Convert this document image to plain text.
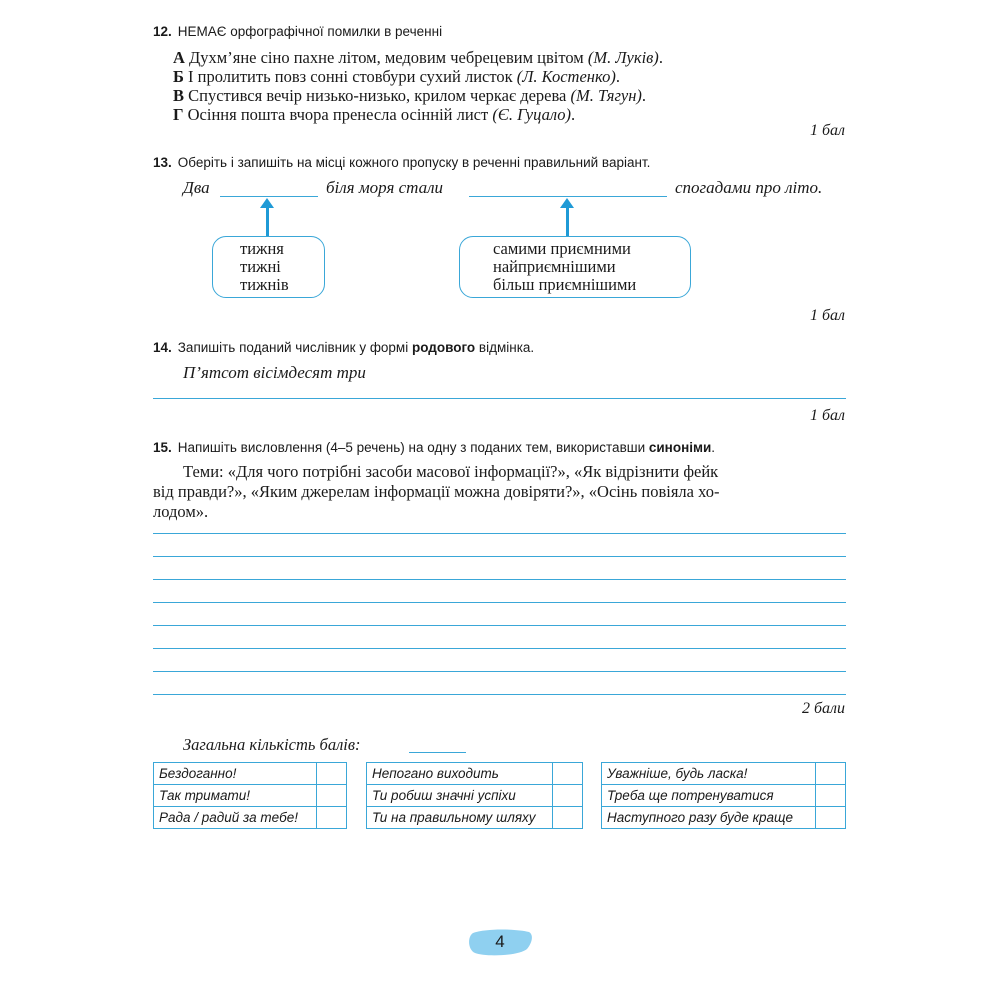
12. НЕМАЄ орфографічної помилки в реченні
А Духм’яне сіно пахне літом, медовим чебрецевим цвітом (М. Луків).
Б І пролитить повз сонні стовбури сухий листок (Л. Костенко).
В Спустився вечір низько-низько, крилом черкає дерева (М. Тягун).
Г Осіння пошта вчора пренесла осінній лист (Є. Гуцало).
1 бал
13. Оберіть і запишіть на місці кожного пропуску в реченні правильний варіант.
Два	біля моря стали	спогадами про літо.
тижня
тижні
тижнів
самими приємними
найприємнішими
більш приємнішими
1 бал
14. Запишіть поданий числівник у формі родового відмінка.
П’ятсот вісімдесят три
1 бал
15. Напишіть висловлення (4–5 речень) на одну з поданих тем, використавши синоніми.
Теми: «Для чого потрібні засоби масової інформації?», «Як відрізнити фейк
від правди?», «Яким джерелам інформації можна довіряти?», «Осінь повіяла хо-
лодом».
2 бали
Загальна кількість балів:
Бездоганно!	
Так тримати!	
Рада / радий за тебе!	
Непогано виходить	
Ти робиш значні успіхи	
Ти на правильному шляху	
Уважніше, будь ласка!	
Треба ще потренуватися	
Наступного разу буде краще	
4
